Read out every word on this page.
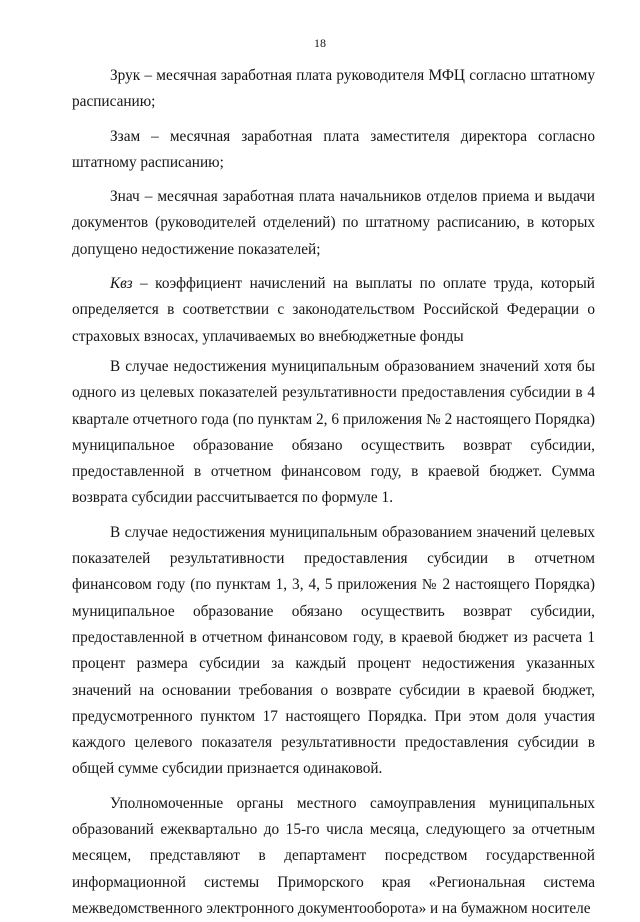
18

Зрук – месячная заработная плата руководителя МФЦ согласно штатному расписанию;

Ззам – месячная заработная плата заместителя директора согласно штатному расписанию;

Знач – месячная заработная плата начальников отделов приема и выдачи документов (руководителей отделений) по штатному расписанию, в которых допущено недостижение показателей;

Квз – коэффициент начислений на выплаты по оплате труда, который определяется в соответствии с законодательством Российской Федерации о страховых взносах, уплачиваемых во внебюджетные фонды

В случае недостижения муниципальным образованием значений хотя бы одного из целевых показателей результативности предоставления субсидии в 4 квартале отчетного года (по пунктам 2, 6 приложения № 2 настоящего Порядка) муниципальное образование обязано осуществить возврат субсидии, предоставленной в отчетном финансовом году, в краевой бюджет. Сумма возврата субсидии рассчитывается по формуле 1.

В случае недостижения муниципальным образованием значений целевых показателей результативности предоставления субсидии в отчетном финансовом году (по пунктам 1, 3, 4, 5 приложения № 2 настоящего Порядка) муниципальное образование обязано осуществить возврат субсидии, предоставленной в отчетном финансовом году, в краевой бюджет из расчета 1 процент размера субсидии за каждый процент недостижения указанных значений на основании требования о возврате субсидии в краевой бюджет, предусмотренного пунктом 17 настоящего Порядка. При этом доля участия каждого целевого показателя результативности предоставления субсидии в общей сумме субсидии признается одинаковой.

Уполномоченные органы местного самоуправления муниципальных образований ежеквартально до 15-го числа месяца, следующего за отчетным месяцем, представляют в департамент посредством государственной информационной системы Приморского края «Региональная система межведомственного электронного документооборота» и на бумажном носителе
